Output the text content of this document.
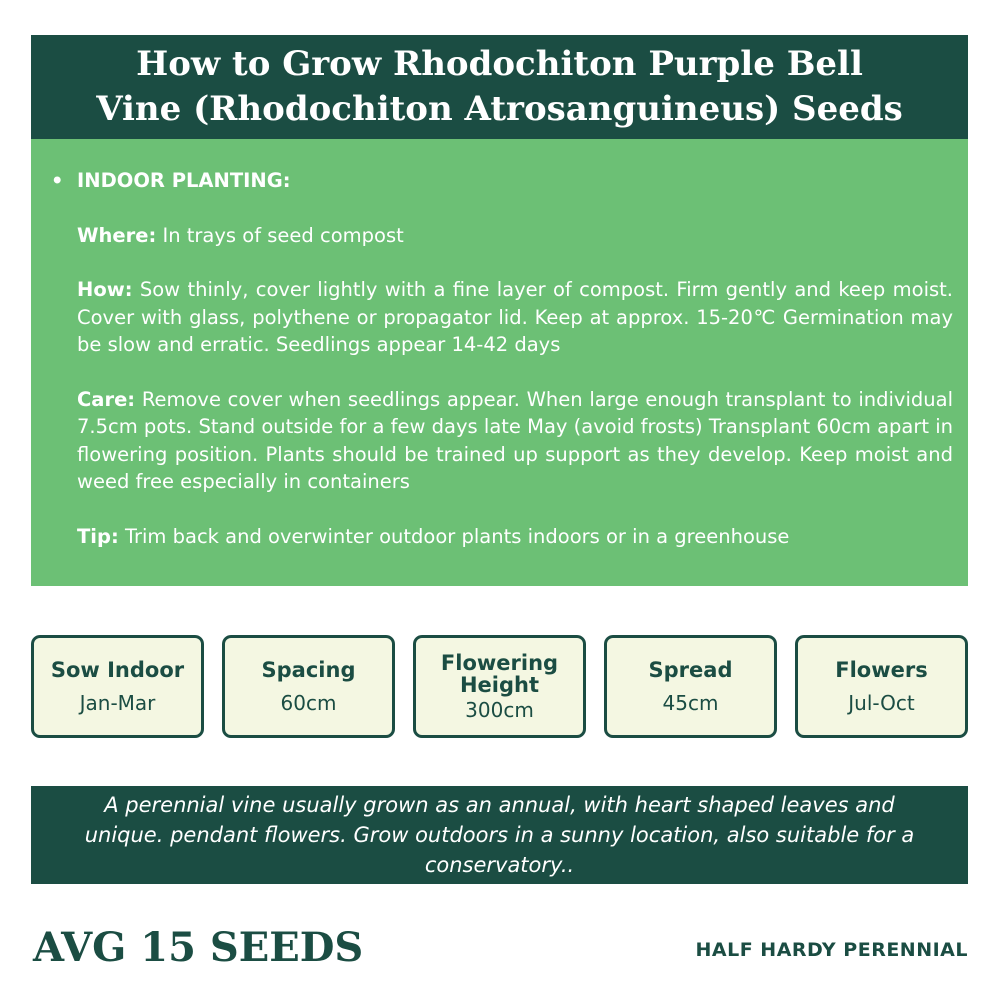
How to Grow Rhodochiton Purple Bell
Vine (Rhodochiton Atrosanguineus) Seeds
• INDOOR PLANTING:

Where: In trays of seed compost

How: Sow thinly, cover lightly with a fine layer of compost. Firm gently and keep moist. Cover with glass, polythene or propagator lid. Keep at approx. 15-20℃ Germination may be slow and erratic. Seedlings appear 14-42 days

Care: Remove cover when seedlings appear. When large enough transplant to individual 7.5cm pots. Stand outside for a few days late May (avoid frosts) Transplant 60cm apart in flowering position. Plants should be trained up support as they develop. Keep moist and weed free especially in containers

Tip: Trim back and overwinter outdoor plants indoors or in a greenhouse

Sow Indoor
Jan-Mar
Spacing
60cm
Flowering Height
300cm
Spread
45cm
Flowers
Jul-Oct

A perennial vine usually grown as an annual, with heart shaped leaves and unique. pendant flowers. Grow outdoors in a sunny location, also suitable for a conservatory..

AVG 15 SEEDS	HALF HARDY PERENNIAL
